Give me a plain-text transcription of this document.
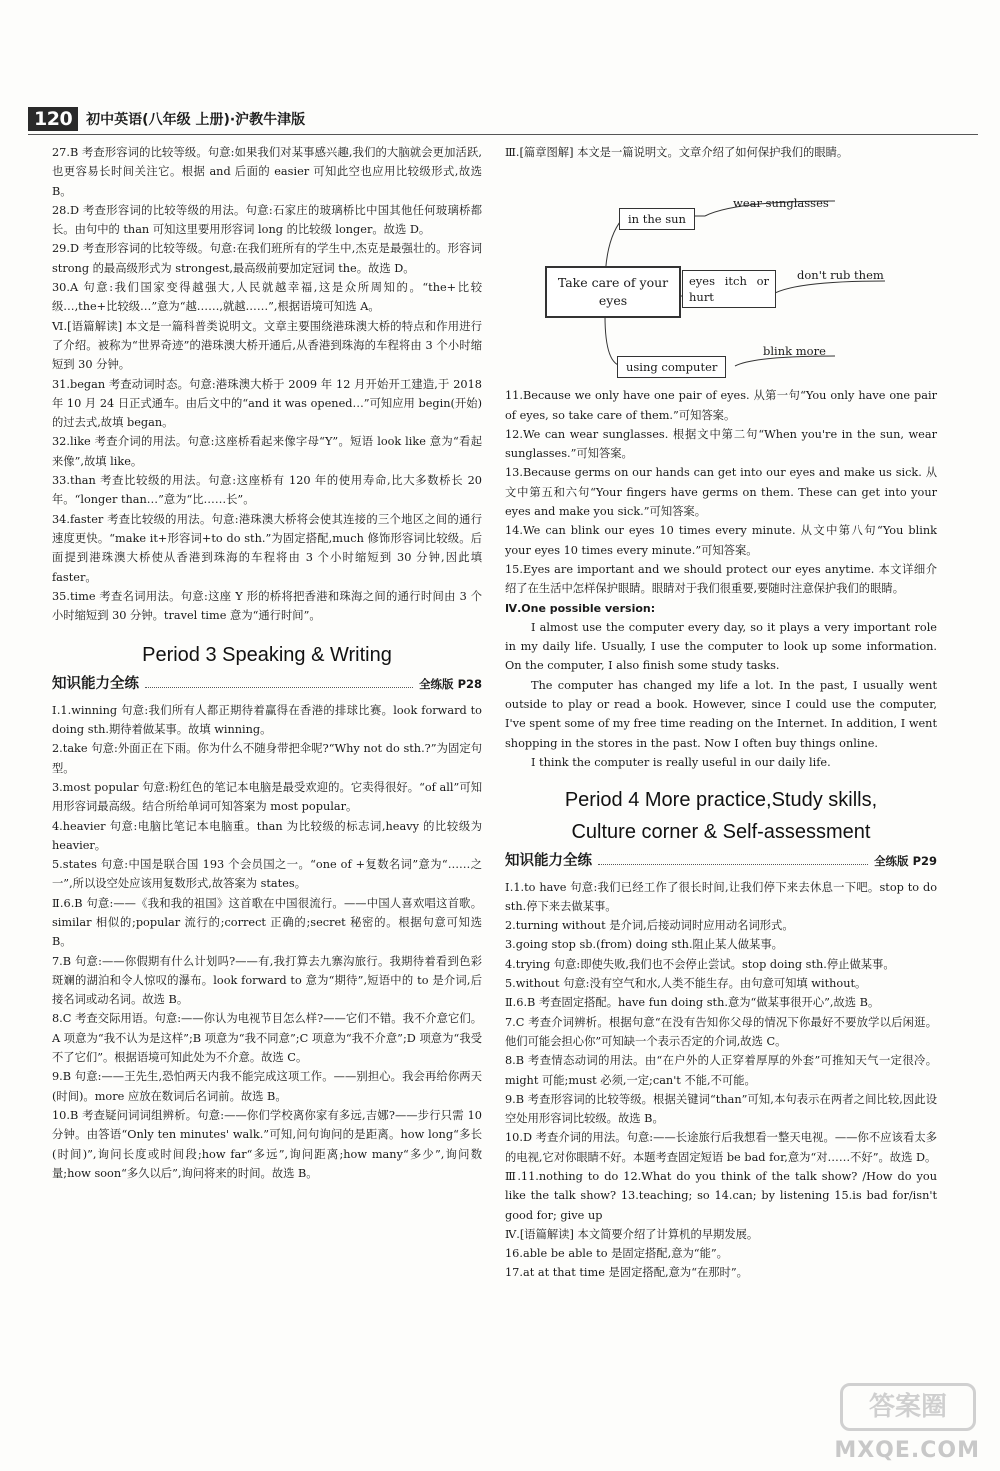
120	初中英语(八年级 上册)·沪教牛津版

27.B 考查形容词的比较等级。句意:如果我们对某事感兴趣,我们的大脑就会更加活跃,也更容易长时间关注它。根据 and 后面的 easier 可知此空也应用比较级形式,故选 B。

28.D 考查形容词的比较等级的用法。句意:石家庄的玻璃桥比中国其他任何玻璃桥都长。由句中的 than 可知这里要用形容词 long 的比较级 longer。故选 D。

29.D 考查形容词的比较等级。句意:在我们班所有的学生中,杰克是最强壮的。形容词 strong 的最高级形式为 strongest,最高级前要加定冠词 the。故选 D。

30.A 句意:我们国家变得越强大,人民就越幸福,这是众所周知的。“the+比较级…,the+比较级…”意为“越……,就越……”,根据语境可知选 A。

Ⅵ.[语篇解读] 本文是一篇科普类说明文。文章主要围绕港珠澳大桥的特点和作用进行了介绍。被称为“世界奇迹”的港珠澳大桥开通后,从香港到珠海的车程将由 3 个小时缩短到 30 分钟。

31.began 考查动词时态。句意:港珠澳大桥于 2009 年 12 月开始开工建造,于 2018 年 10 月 24 日正式通车。由后文中的“and it was opened…”可知应用 begin(开始)的过去式,故填 began。

32.like 考查介词的用法。句意:这座桥看起来像字母“Y”。短语 look like 意为“看起来像”,故填 like。

33.than 考查比较级的用法。句意:这座桥有 120 年的使用寿命,比大多数桥长 20 年。“longer than…”意为“比……长”。

34.faster 考查比较级的用法。句意:港珠澳大桥将会使其连接的三个地区之间的通行速度更快。“make it+形容词+to do sth.”为固定搭配,much 修饰形容词比较级。后面提到港珠澳大桥使从香港到珠海的车程将由 3 个小时缩短到 30 分钟,因此填 faster。

35.time 考查名词用法。句意:这座 Y 形的桥将把香港和珠海之间的通行时间由 3 个小时缩短到 30 分钟。travel time 意为“通行时间”。

Period 3 Speaking & Writing
知识能力全练	全练版 P28

Ⅰ.1.winning 句意:我们所有人都正期待着赢得在香港的排球比赛。look forward to doing sth.期待着做某事。故填 winning。

2.take 句意:外面正在下雨。你为什么不随身带把伞呢?“Why not do sth.?”为固定句型。

3.most popular 句意:粉红色的笔记本电脑是最受欢迎的。它卖得很好。“of all”可知用形容词最高级。结合所给单词可知答案为 most popular。

4.heavier 句意:电脑比笔记本电脑重。than 为比较级的标志词,heavy 的比较级为 heavier。

5.states 句意:中国是联合国 193 个会员国之一。“one of +复数名词”意为“……之一”,所以设空处应该用复数形式,故答案为 states。

Ⅱ.6.B 句意:——《我和我的祖国》这首歌在中国很流行。——中国人喜欢唱这首歌。similar 相似的;popular 流行的;correct 正确的;secret 秘密的。根据句意可知选 B。

7.B 句意:——你假期有什么计划吗?——有,我打算去九寨沟旅行。我期待着看到色彩斑斓的湖泊和令人惊叹的瀑布。look forward to 意为“期待”,短语中的 to 是介词,后接名词或动名词。故选 B。

8.C 考查交际用语。句意:——你认为电视节目怎么样?——它们不错。我不介意它们。A 项意为“我不认为是这样”;B 项意为“我不同意”;C 项意为“我不介意”;D 项意为“我受不了它们”。根据语境可知此处为不介意。故选 C。

9.B 句意:——王先生,恐怕两天内我不能完成这项工作。——别担心。我会再给你两天(时间)。more 应放在数词后名词前。故选 B。

10.B 考查疑问词词组辨析。句意:——你们学校离你家有多远,吉娜?——步行只需 10 分钟。由答语“Only ten minutes' walk.”可知,问句询问的是距离。how long“多长(时间)”,询问长度或时间段;how far“多远”,询问距离;how many“多少”,询问数量;how soon“多久以后”,询问将来的时间。故选 B。

Ⅲ.[篇章图解] 本文是一篇说明文。文章介绍了如何保护我们的眼睛。

in the sun
wear sunglasses
Take care of your eyes
eyes itch or hurt
don't rub them
using computer
blink more

11.Because we only have one pair of eyes. 从第一句“You only have one pair of eyes, so take care of them.”可知答案。

12.We can wear sunglasses. 根据文中第二句“When you're in the sun, wear sunglasses.”可知答案。

13.Because germs on our hands can get into our eyes and make us sick. 从文中第五和六句“Your fingers have germs on them. These can get into your eyes and make you sick.”可知答案。

14.We can blink our eyes 10 times every minute. 从文中第八句“You blink your eyes 10 times every minute.”可知答案。

15.Eyes are important and we should protect our eyes anytime. 本文详细介绍了在生活中怎样保护眼睛。眼睛对于我们很重要,要随时注意保护我们的眼睛。

Ⅳ.One possible version:

I almost use the computer every day, so it plays a very important role in my daily life. Usually, I use the computer to look up some information. On the computer, I also finish some study tasks.

The computer has changed my life a lot. In the past, I usually went outside to play or read a book. However, since I could use the computer, I've spent some of my free time reading on the Internet. In addition, I went shopping in the stores in the past. Now I often buy things online.

I think the computer is really useful in our daily life.

Period 4 More practice,Study skills,
Culture corner & Self-assessment
知识能力全练	全练版 P29

Ⅰ.1.to have 句意:我们已经工作了很长时间,让我们停下来去休息一下吧。stop to do sth.停下来去做某事。

2.turning without 是介词,后接动词时应用动名词形式。

3.going stop sb.(from) doing sth.阻止某人做某事。

4.trying 句意:即使失败,我们也不会停止尝试。stop doing sth.停止做某事。

5.without 句意:没有空气和水,人类不能生存。由句意可知填 without。

Ⅱ.6.B 考查固定搭配。have fun doing sth.意为“做某事很开心”,故选 B。

7.C 考查介词辨析。根据句意“在没有告知你父母的情况下你最好不要放学以后闲逛。他们可能会担心你”可知缺一个表示否定的介词,故选 C。

8.B 考查情态动词的用法。由“在户外的人正穿着厚厚的外套”可推知天气一定很冷。might 可能;must 必须,一定;can't 不能,不可能。

9.B 考查形容词的比较等级。根据关键词“than”可知,本句表示在两者之间比较,因此设空处用形容词比较级。故选 B。

10.D 考查介词的用法。句意:——长途旅行后我想看一整天电视。——你不应该看太多的电视,它对你眼睛不好。本题考查固定短语 be bad for,意为“对……不好”。故选 D。

Ⅲ.11.nothing to do 12.What do you think of the talk show? /How do you like the talk show? 13.teaching; so 14.can; by listening 15.is bad for/isn't good for; give up

Ⅳ.[语篇解读] 本文简要介绍了计算机的早期发展。

16.able be able to 是固定搭配,意为“能”。

17.at at that time 是固定搭配,意为“在那时”。

答案圈
MXQE.COM
